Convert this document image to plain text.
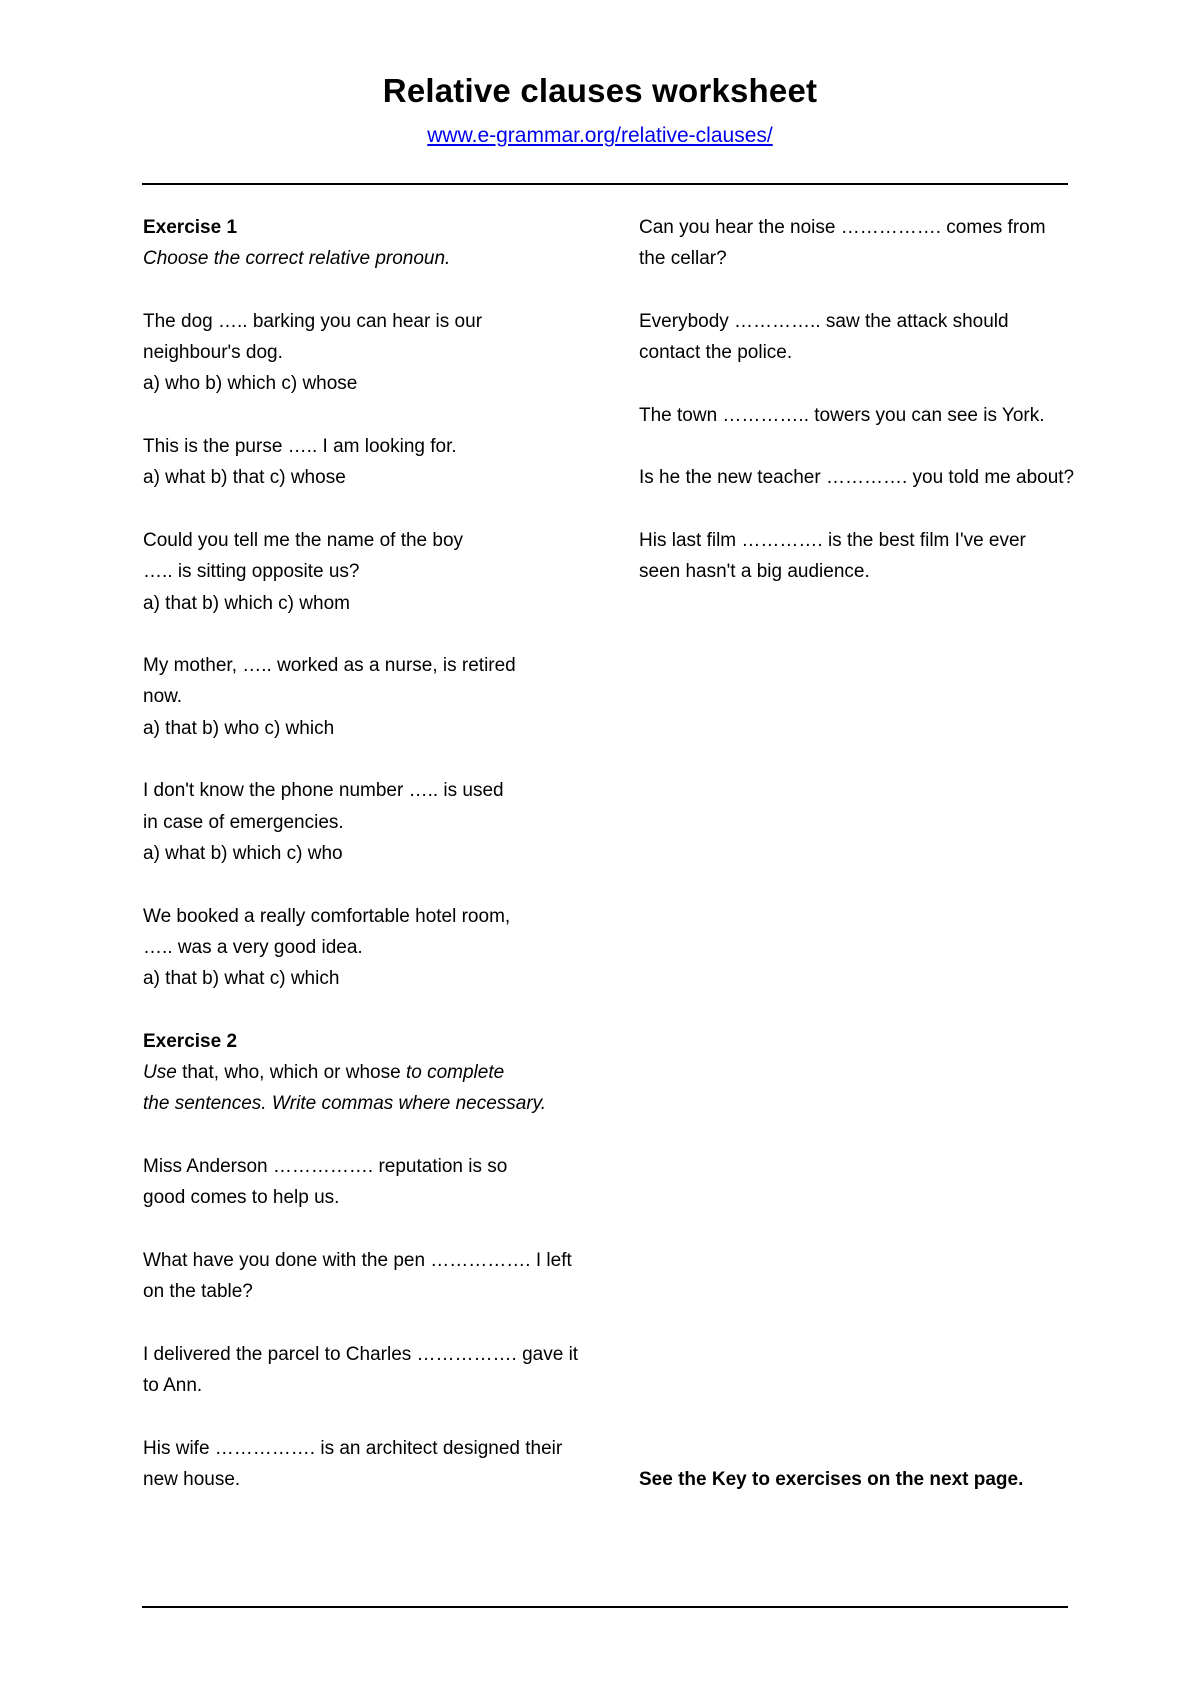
Relative clauses worksheet
www.e-grammar.org/relative-clauses/
Exercise 1
Choose the correct relative pronoun.
The dog ….. barking you can hear is our
neighbour's dog.
a) who b) which c) whose
This is the purse ….. I am looking for.
a) what b) that c) whose
Could you tell me the name of the boy
….. is sitting opposite us?
a) that b) which c) whom
My mother, ….. worked as a nurse, is retired
now.
a) that b) who c) which
I don't know the phone number ….. is used
in case of emergencies.
a) what b) which c) who
We booked a really comfortable hotel room,
….. was a very good idea.
a) that b) what c) which
Exercise 2
Use that, who, which or whose to complete
the sentences. Write commas where necessary.
Miss Anderson ……………. reputation is so
good comes to help us.
What have you done with the pen ……………. I left
on the table?
I delivered the parcel to Charles ……………. gave it
to Ann.
His wife ……………. is an architect designed their
new house.
Can you hear the noise ……………. comes from
the cellar?
Everybody ………….. saw the attack should
contact the police.
The town ………….. towers you can see is York.
Is he the new teacher …………. you told me about?
His last film …………. is the best film I've ever
seen hasn't a big audience.
See the Key to exercises on the next page.
